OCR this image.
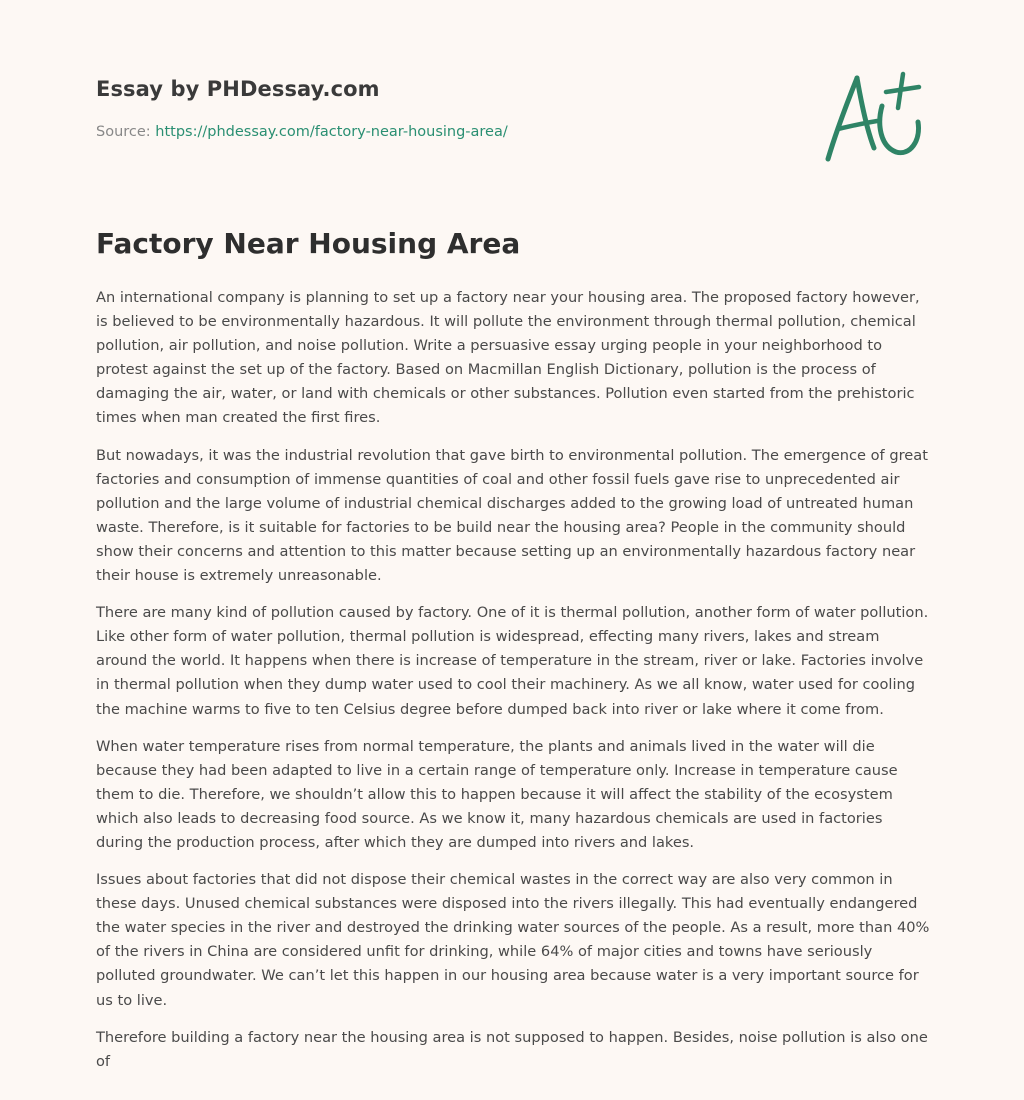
Essay by PHDessay.com
Source: https://phdessay.com/factory-near-housing-area/
Factory Near Housing Area

An international company is planning to set up a factory near your housing area. The proposed factory however, is believed to be environmentally hazardous. It will pollute the environment through thermal pollution, chemical pollution, air pollution, and noise pollution. Write a persuasive essay urging people in your neighborhood to protest against the set up of the factory. Based on Macmillan English Dictionary, pollution is the process of damaging the air, water, or land with chemicals or other substances. Pollution even started from the prehistoric times when man created the first fires.

But nowadays, it was the industrial revolution that gave birth to environmental pollution. The emergence of great factories and consumption of immense quantities of coal and other fossil fuels gave rise to unprecedented air pollution and the large volume of industrial chemical discharges added to the growing load of untreated human waste. Therefore, is it suitable for factories to be build near the housing area? People in the community should show their concerns and attention to this matter because setting up an environmentally hazardous factory near their house is extremely unreasonable.

There are many kind of pollution caused by factory. One of it is thermal pollution, another form of water pollution. Like other form of water pollution, thermal pollution is widespread, effecting many rivers, lakes and stream around the world. It happens when there is increase of temperature in the stream, river or lake. Factories involve in thermal pollution when they dump water used to cool their machinery. As we all know, water used for cooling the machine warms to five to ten Celsius degree before dumped back into river or lake where it come from.

When water temperature rises from normal temperature, the plants and animals lived in the water will die because they had been adapted to live in a certain range of temperature only. Increase in temperature cause them to die. Therefore, we shouldn’t allow this to happen because it will affect the stability of the ecosystem which also leads to decreasing food source. As we know it, many hazardous chemicals are used in factories during the production process, after which they are dumped into rivers and lakes.

Issues about factories that did not dispose their chemical wastes in the correct way are also very common in these days. Unused chemical substances were disposed into the rivers illegally. This had eventually endangered the water species in the river and destroyed the drinking water sources of the people. As a result, more than 40% of the rivers in China are considered unfit for drinking, while 64% of major cities and towns have seriously polluted groundwater. We can’t let this happen in our housing area because water is a very important source for us to live.

Therefore building a factory near the housing area is not supposed to happen. Besides, noise pollution is also one of
